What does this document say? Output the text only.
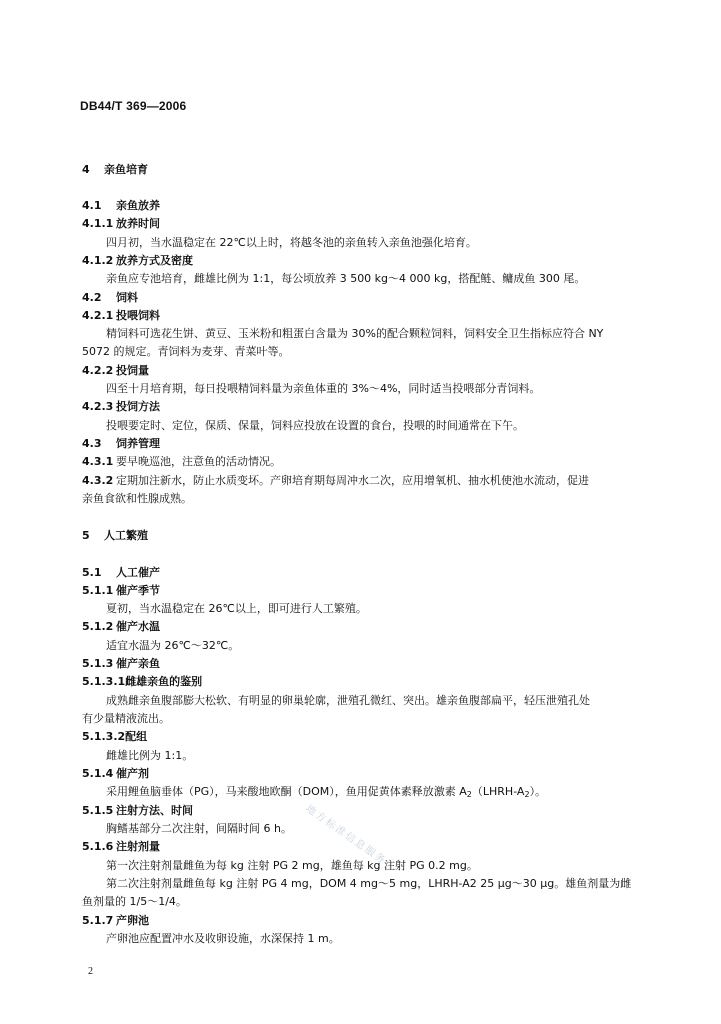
DB44/T 369—2006
4 亲鱼培育
4.1 亲鱼放养
4.1.1 放养时间
四月初，当水温稳定在 22℃以上时，将越冬池的亲鱼转入亲鱼池强化培育。
4.1.2 放养方式及密度
亲鱼应专池培育，雌雄比例为 1:1，每公顷放养 3 500 kg～4 000 kg，搭配鲢、鳙成鱼 300 尾。
4.2 饲料
4.2.1 投喂饲料
精饲料可选花生饼、黄豆、玉米粉和粗蛋白含量为 30%的配合颗粒饲料，饲料安全卫生指标应符合 NY
5072 的规定。青饲料为麦芽、青菜叶等。
4.2.2 投饲量
四至十月培育期，每日投喂精饲料量为亲鱼体重的 3%～4%，同时适当投喂部分青饲料。
4.2.3 投饲方法
投喂要定时、定位，保质、保量，饲料应投放在设置的食台，投喂的时间通常在下午。
4.3 饲养管理
4.3.1 要早晚巡池，注意鱼的活动情况。
4.3.2 定期加注新水，防止水质变坏。产卵培育期每周冲水二次，应用增氧机、抽水机使池水流动，促进
亲鱼食欲和性腺成熟。
5 人工繁殖
5.1 人工催产
5.1.1 催产季节
夏初，当水温稳定在 26℃以上，即可进行人工繁殖。
5.1.2 催产水温
适宜水温为 26℃～32℃。
5.1.3 催产亲鱼
5.1.3.1雌雄亲鱼的鉴别
成熟雌亲鱼腹部膨大松软、有明显的卵巢轮廓，泄殖孔微红、突出。雄亲鱼腹部扁平，轻压泄殖孔处
有少量精液流出。
5.1.3.2配组
雌雄比例为 1:1。
5.1.4 催产剂
采用鲤鱼脑垂体（PG），马来酸地欧酮（DOM），鱼用促黄体素释放激素 $A_2(LHRH-A_2)$。
5.1.5 注射方法、时间
胸鳍基部分二次注射，间隔时间 6 h。
5.1.6 注射剂量
第一次注射剂量雌鱼为每 kg 注射 PG 2 mg，雄鱼每 kg 注射 PG 0.2 mg。
第二次注射剂量雌鱼每 kg 注射 PG 4 mg，DOM 4 mg～5 mg，LHRH-A2 25 μg～30 μg。雄鱼剂量为雌
鱼剂量的 1/5～1/4。
5.1.7 产卵池
产卵池应配置冲水及收卵设施，水深保持 1 m。
地方标准信息服务
2
